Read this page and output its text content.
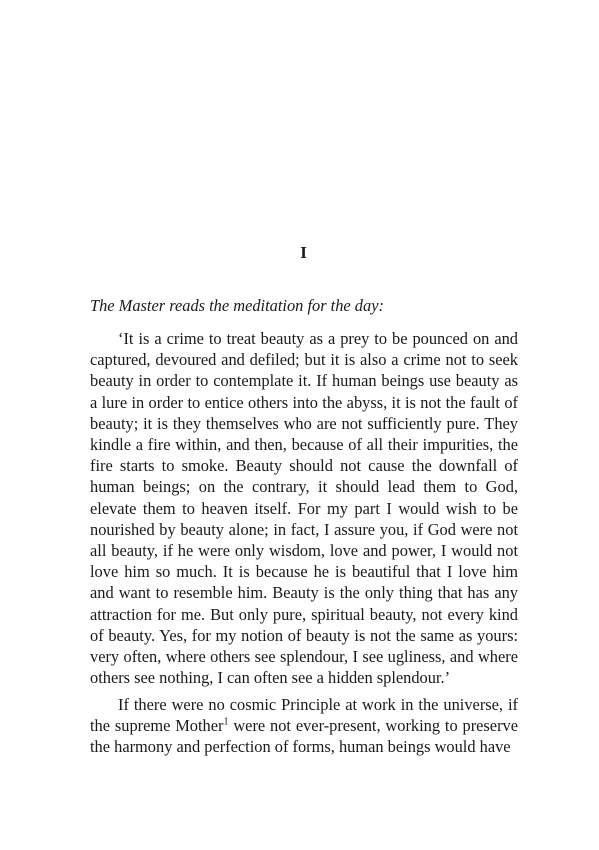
I

The Master reads the meditation for the day:

‘It is a crime to treat beauty as a prey to be pounced on and captured, devoured and defiled; but it is also a crime not to seek beauty in order to contemplate it. If human beings use beauty as a lure in order to entice others into the abyss, it is not the fault of beauty; it is they themselves who are not sufficiently pure. They kindle a fire within, and then, because of all their impurities, the fire starts to smoke. Beauty should not cause the downfall of human beings; on the contrary, it should lead them to God, elevate them to heaven itself. For my part I would wish to be nourished by beauty alone; in fact, I assure you, if God were not all beauty, if he were only wisdom, love and power, I would not love him so much. It is because he is beautiful that I love him and want to resemble him. Beauty is the only thing that has any attraction for me. But only pure, spiritual beauty, not every kind of beauty. Yes, for my notion of beauty is not the same as yours: very often, where others see splendour, I see ugliness, and where others see nothing, I can often see a hidden splendour.’

If there were no cosmic Principle at work in the universe, if the supreme Mother$^1$ were not ever-present, working to preserve the harmony and perfection of forms, human beings would have
